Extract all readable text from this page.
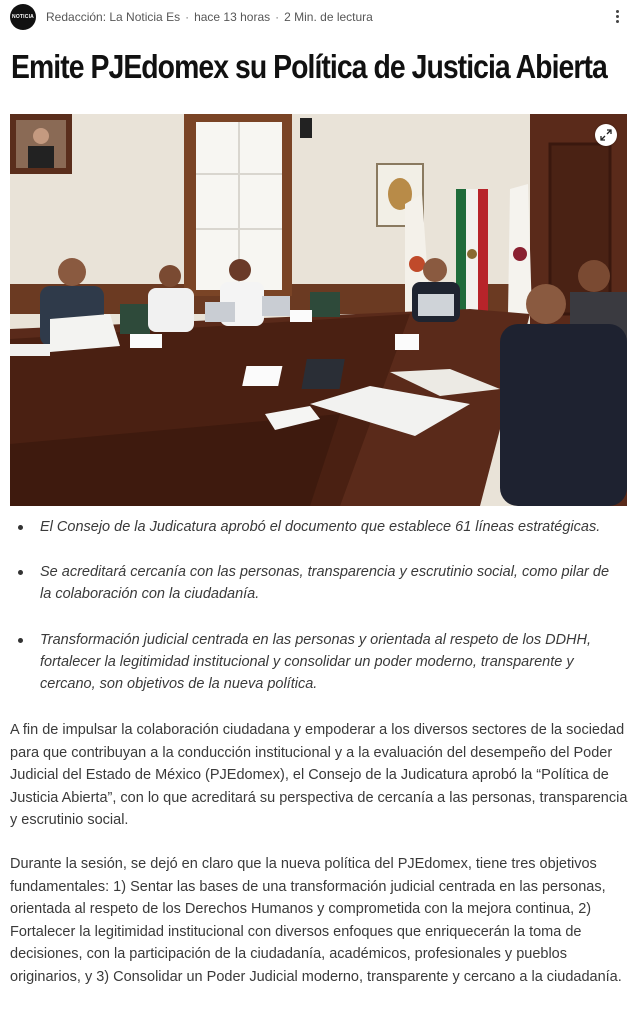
NOTICIA Redacción: La Noticia Es · hace 13 horas · 2 Min. de lectura
Emite PJEdomex su Política de Justicia Abierta
El Consejo de la Judicatura aprobó el documento que establece 61 líneas estratégicas.
Se acreditará cercanía con las personas, transparencia y escrutinio social, como pilar de la colaboración con la ciudadanía.
Transformación judicial centrada en las personas y orientada al respeto de los DDHH, fortalecer la legitimidad institucional y consolidar un poder moderno, transparente y cercano, son objetivos de la nueva política.

A fin de impulsar la colaboración ciudadana y empoderar a los diversos sectores de la sociedad para que contribuyan a la conducción institucional y a la evaluación del desempeño del Poder Judicial del Estado de México (PJEdomex), el Consejo de la Judicatura aprobó la “Política de Justicia Abierta”, con lo que acreditará su perspectiva de cercanía a las personas, transparencia y escrutinio social.

Durante la sesión, se dejó en claro que la nueva política del PJEdomex, tiene tres objetivos fundamentales: 1) Sentar las bases de una transformación judicial centrada en las personas, orientada al respeto de los Derechos Humanos y comprometida con la mejora continua, 2) Fortalecer la legitimidad institucional con diversos enfoques que enriquecerán la toma de decisiones, con la participación de la ciudadanía, académicos, profesionales y pueblos originarios, y 3) Consolidar un Poder Judicial moderno, transparente y cercano a la ciudadanía.
